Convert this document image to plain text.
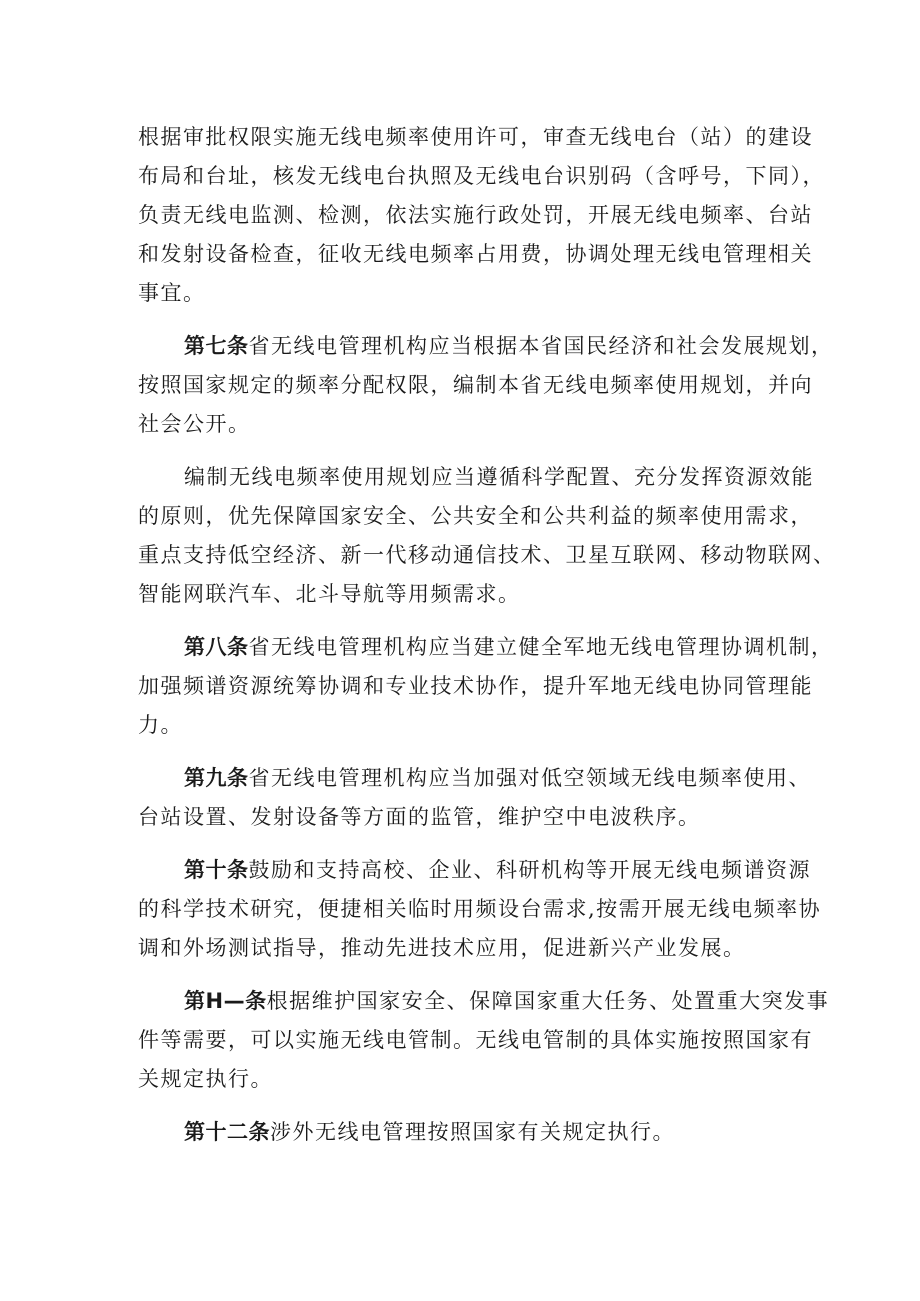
根据审批权限实施无线电频率使用许可，审查无线电台（站）的建设
布局和台址，核发无线电台执照及无线电台识别码（含呼号，下同），
负责无线电监测、检测，依法实施行政处罚，开展无线电频率、台站
和发射设备检查，征收无线电频率占用费，协调处理无线电管理相关
事宜。
第七条省无线电管理机构应当根据本省国民经济和社会发展规划，
按照国家规定的频率分配权限，编制本省无线电频率使用规划，并向
社会公开。
编制无线电频率使用规划应当遵循科学配置、充分发挥资源效能
的原则，优先保障国家安全、公共安全和公共利益的频率使用需求，
重点支持低空经济、新一代移动通信技术、卫星互联网、移动物联网、
智能网联汽车、北斗导航等用频需求。
第八条省无线电管理机构应当建立健全军地无线电管理协调机制，
加强频谱资源统筹协调和专业技术协作，提升军地无线电协同管理能
力。
第九条省无线电管理机构应当加强对低空领域无线电频率使用、
台站设置、发射设备等方面的监管，维护空中电波秩序。
第十条鼓励和支持高校、企业、科研机构等开展无线电频谱资源
的科学技术研究，便捷相关临时用频设台需求,按需开展无线电频率协
调和外场测试指导，推动先进技术应用，促进新兴产业发展。
第H—条根据维护国家安全、保障国家重大任务、处置重大突发事
件等需要，可以实施无线电管制。无线电管制的具体实施按照国家有
关规定执行。
第十二条涉外无线电管理按照国家有关规定执行。
